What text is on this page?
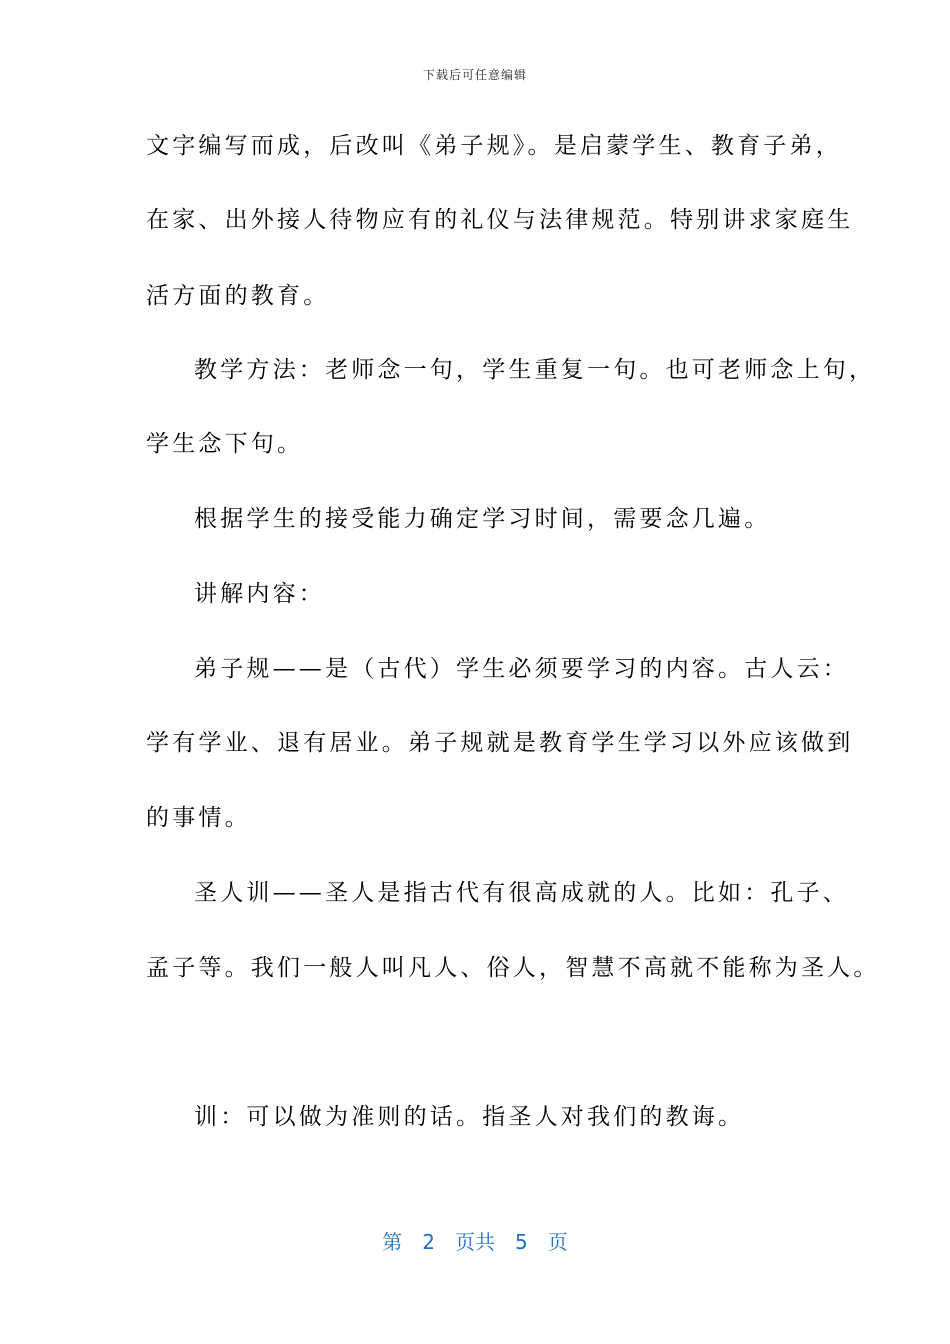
下载后可任意编辑
文字编写而成，后改叫《弟子规》。是启蒙学生、教育子弟，
在家、出外接人待物应有的礼仪与法律规范。特别讲求家庭生
活方面的教育。
教学方法：老师念一句，学生重复一句。也可老师念上句，
学生念下句。
根据学生的接受能力确定学习时间，需要念几遍。
讲解内容：
弟子规——是（古代）学生必须要学习的内容。古人云：
学有学业、退有居业。弟子规就是教育学生学习以外应该做到
的事情。
圣人训——圣人是指古代有很高成就的人。比如：孔子、
孟子等。我们一般人叫凡人、俗人，智慧不高就不能称为圣人。
训：可以做为准则的话。指圣人对我们的教诲。
第 2 页共 5 页
